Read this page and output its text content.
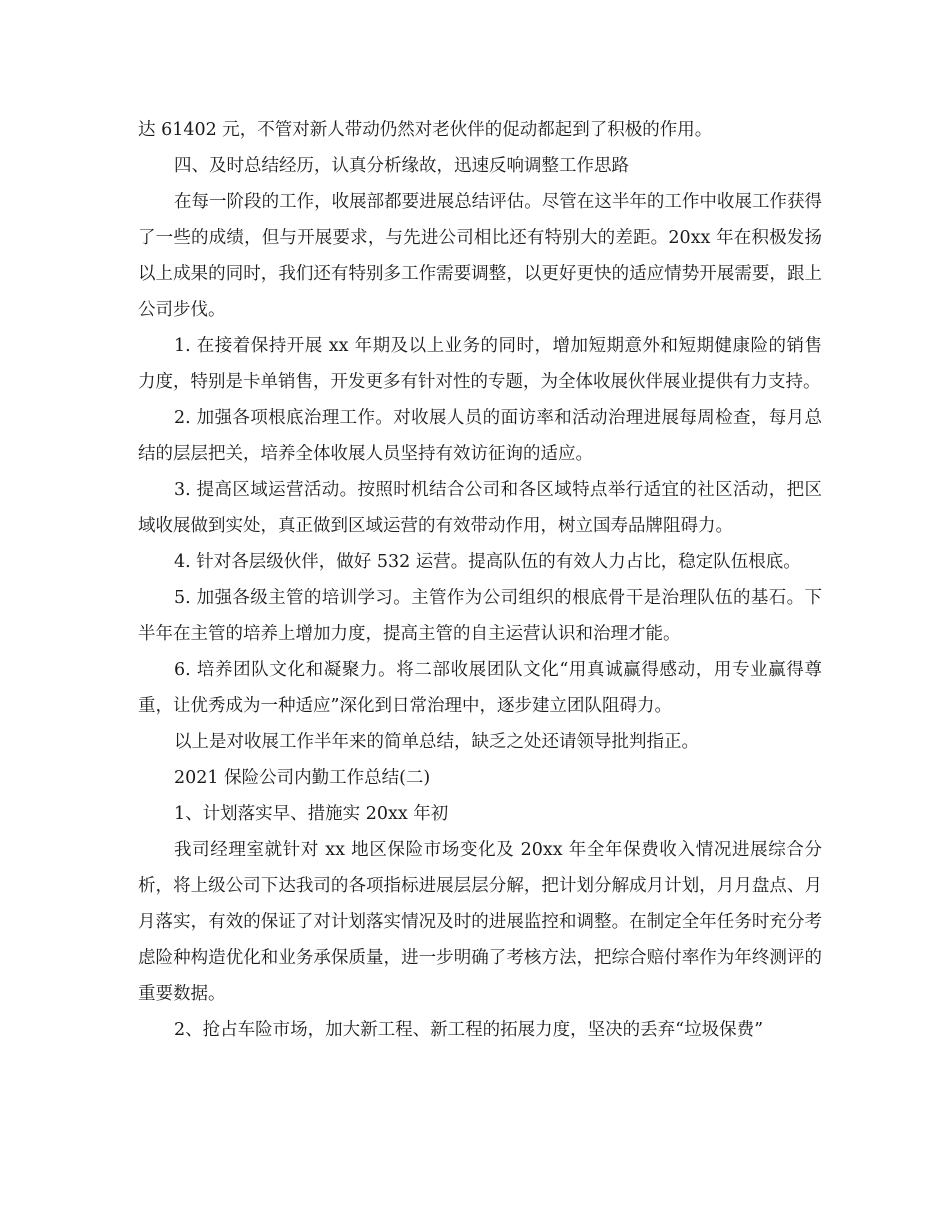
达 61402 元，不管对新人带动仍然对老伙伴的促动都起到了积极的作用。

四、及时总结经历，认真分析缘故，迅速反响调整工作思路

在每一阶段的工作，收展部都要进展总结评估。尽管在这半年的工作中收展工作获得了一些的成绩，但与开展要求，与先进公司相比还有特别大的差距。20xx 年在积极发扬以上成果的同时，我们还有特别多工作需要调整，以更好更快的适应情势开展需要，跟上公司步伐。

1. 在接着保持开展 xx 年期及以上业务的同时，增加短期意外和短期健康险的销售力度，特别是卡单销售，开发更多有针对性的专题，为全体收展伙伴展业提供有力支持。

2. 加强各项根底治理工作。对收展人员的面访率和活动治理进展每周检查，每月总结的层层把关，培养全体收展人员坚持有效访征询的适应。

3. 提高区域运营活动。按照时机结合公司和各区域特点举行适宜的社区活动，把区域收展做到实处，真正做到区域运营的有效带动作用，树立国寿品牌阻碍力。

4. 针对各层级伙伴，做好 532 运营。提高队伍的有效人力占比，稳定队伍根底。

5. 加强各级主管的培训学习。主管作为公司组织的根底骨干是治理队伍的基石。下半年在主管的培养上增加力度，提高主管的自主运营认识和治理才能。

6. 培养团队文化和凝聚力。将二部收展团队文化“用真诚赢得感动，用专业赢得尊重，让优秀成为一种适应”深化到日常治理中，逐步建立团队阻碍力。

以上是对收展工作半年来的简单总结，缺乏之处还请领导批判指正。

2021 保险公司内勤工作总结(二)

1、计划落实早、措施实 20xx 年初

我司经理室就针对 xx 地区保险市场变化及 20xx 年全年保费收入情况进展综合分析，将上级公司下达我司的各项指标进展层层分解，把计划分解成月计划，月月盘点、月月落实，有效的保证了对计划落实情况及时的进展监控和调整。在制定全年任务时充分考虑险种构造优化和业务承保质量，进一步明确了考核方法，把综合赔付率作为年终测评的重要数据。

2、抢占车险市场，加大新工程、新工程的拓展力度，坚决的丢弃“垃圾保费”
